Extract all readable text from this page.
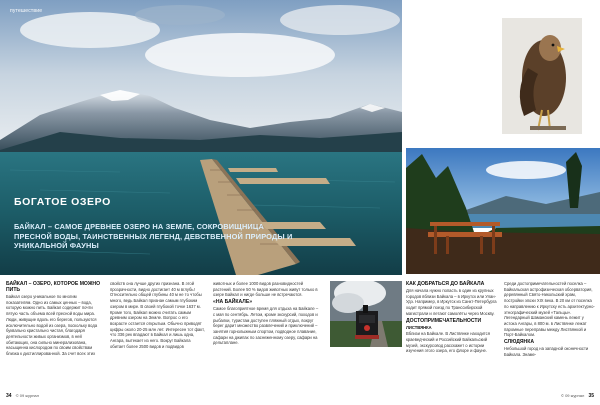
путешествие
БОГАТОЕ ОЗЕРО
БАЙКАЛ – САМОЕ ДРЕВНЕЕ ОЗЕРО НА ЗЕМЛЕ, СОКРОВИЩНИЦА ПРЕСНОЙ ВОДЫ, ТАИНСТВЕННЫХ ЛЕГЕНД, ДЕВСТВЕННОЙ ПРИРОДЫ И УНИКАЛЬНОЙ ФАУНЫ
БАЙКАЛ – ОЗЕРО, КОТОРОЕ МОЖНО ПИТЬ

Байкал озеро уникальное по многим показателям. Одно из самых ценных – вода, которую можно пить. Байкал содержит почти пятую часть объема всей пресной воды мира. Люди, живущие вдоль его берегов, пользуются исключительно водой из озера, поскольку вода буквально кристально чистая, благодаря деятельности живых организмов, в ней обитающих, она сильно минерализована, насыщенна кислородом по своим свойствам близка к дистиллированной. За счет всех этих

свойств она лучше других признана. В этой прозрачности, видно достигает 40 м вглубь! Относительно общей глубины 40 м не то чтобы много, ведь Байкал признан самым глубоким озером в мире. В своей глубокой точке 1637 м. Кроме того, Байкал можно считать самым древним озером на Земле. Вопрос о его возрасте остается открытым. Обычно приводят цифры около 20-25 млн лет. Интересен тот факт, что 336 рек впадают в Байкал и лишь одна, Ангара, вытекает из него. Вокруг Байкала обитает более 2500 видов и подвидов

животных и более 1000 видов разновидностей растений. Более 50 % видов животных живут только в озере Байкал и нигде больше не встречаются.

«НА БАЙКАЛЕ»

Самое благоприятное время для отдыха на Байкале – с мая по сентябрь. Летом, кроме экскурсий, походов и рыбалки, туристам доступен пляжный отдых, вокруг берег дарит множество развлечений и приключений – занятия горнолыжным спортом, подводное плавание, сафари на джипах по заснеженному озеру, сафари на дельтаплане.

34 © 09 журнал
КАК ДОБРАТЬСЯ ДО БАЙКАЛА

Для начала нужно попасть в один из крупных городов вблизи Байкала – в Иркутск или Улан-Удэ. Например, в Иркутск из Санкт-Петербурга ходит прямой поезд по Транссибирской магистрали и летают самолёты через Москву.

ДОСТОПРИМЕЧАТЕЛЬНОСТИ

ЛИСТВЯНКА

Вблизи на Байкале. В Листвянке находится краеведческий и Российский Байкальский музей, экскурсовод расскажет о истории изучения этого озера, его флоре и фауне.

Среди достопримечательностей поселка – Байкальская астрофизическая обсерватория, деревянный Свято-Никольский храм, постройки эпохи XIX века. В 20 км от поселка по направлению к Иркутску есть архитектурно-этнографический музей «Тальцы». Легендарный Шаманский камень лежит у истока Ангары, в 800 м. в Листвянке лежат паромные переправы между Листвянкой и Порт-Байкалом.

СЛЮДЯНКА

Небольшой город на западной оконечности Байкала. Знаме-

© 09 журнал 35
